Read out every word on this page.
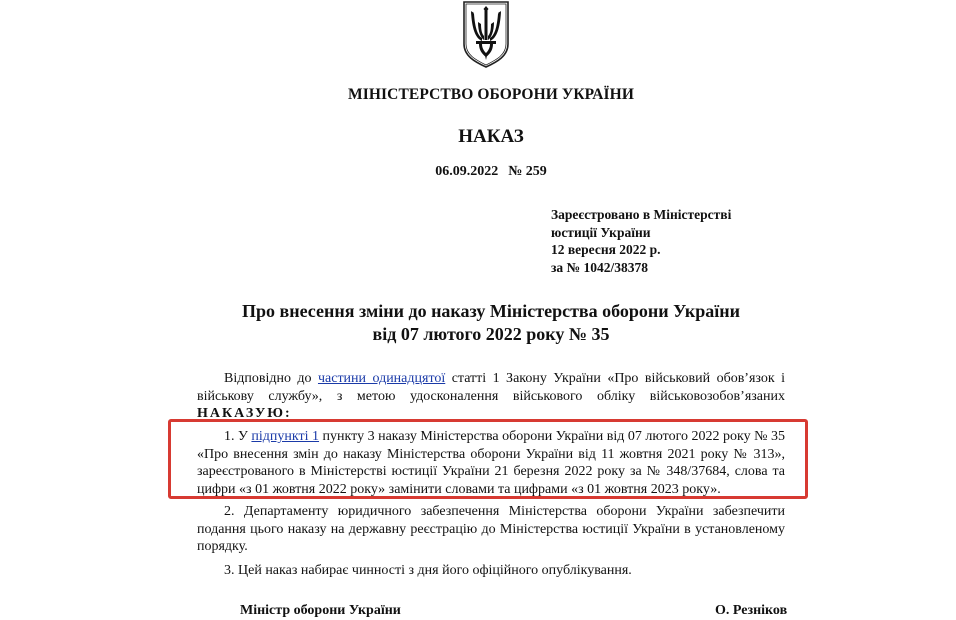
МІНІСТЕРСТВО ОБОРОНИ УКРАЇНИ
НАКАЗ
06.09.2022 № 259
Зареєстровано в Міністерстві
юстиції України
12 вересня 2022 р.
за № 1042/38378
Про внесення зміни до наказу Міністерства оборони України
від 07 лютого 2022 року № 35
Відповідно до частини одинадцятої статті 1 Закону України «Про військовий обов’язок і військову службу», з метою удосконалення військового обліку військовозобов’язаних НАКАЗУЮ:
1. У підпункті 1 пункту 3 наказу Міністерства оборони України від 07 лютого 2022 року № 35 «Про внесення змін до наказу Міністерства оборони України від 11 жовтня 2021 року № 313», зареєстрованого в Міністерстві юстиції України 21 березня 2022 року за № 348/37684, слова та цифри «з 01 жовтня 2022 року» замінити словами та цифрами «з 01 жовтня 2023 року».
2. Департаменту юридичного забезпечення Міністерства оборони України забезпечити подання цього наказу на державну реєстрацію до Міністерства юстиції України в установленому порядку.
3. Цей наказ набирає чинності з дня його офіційного опублікування.
Міністр оборони України	О. Резніков
